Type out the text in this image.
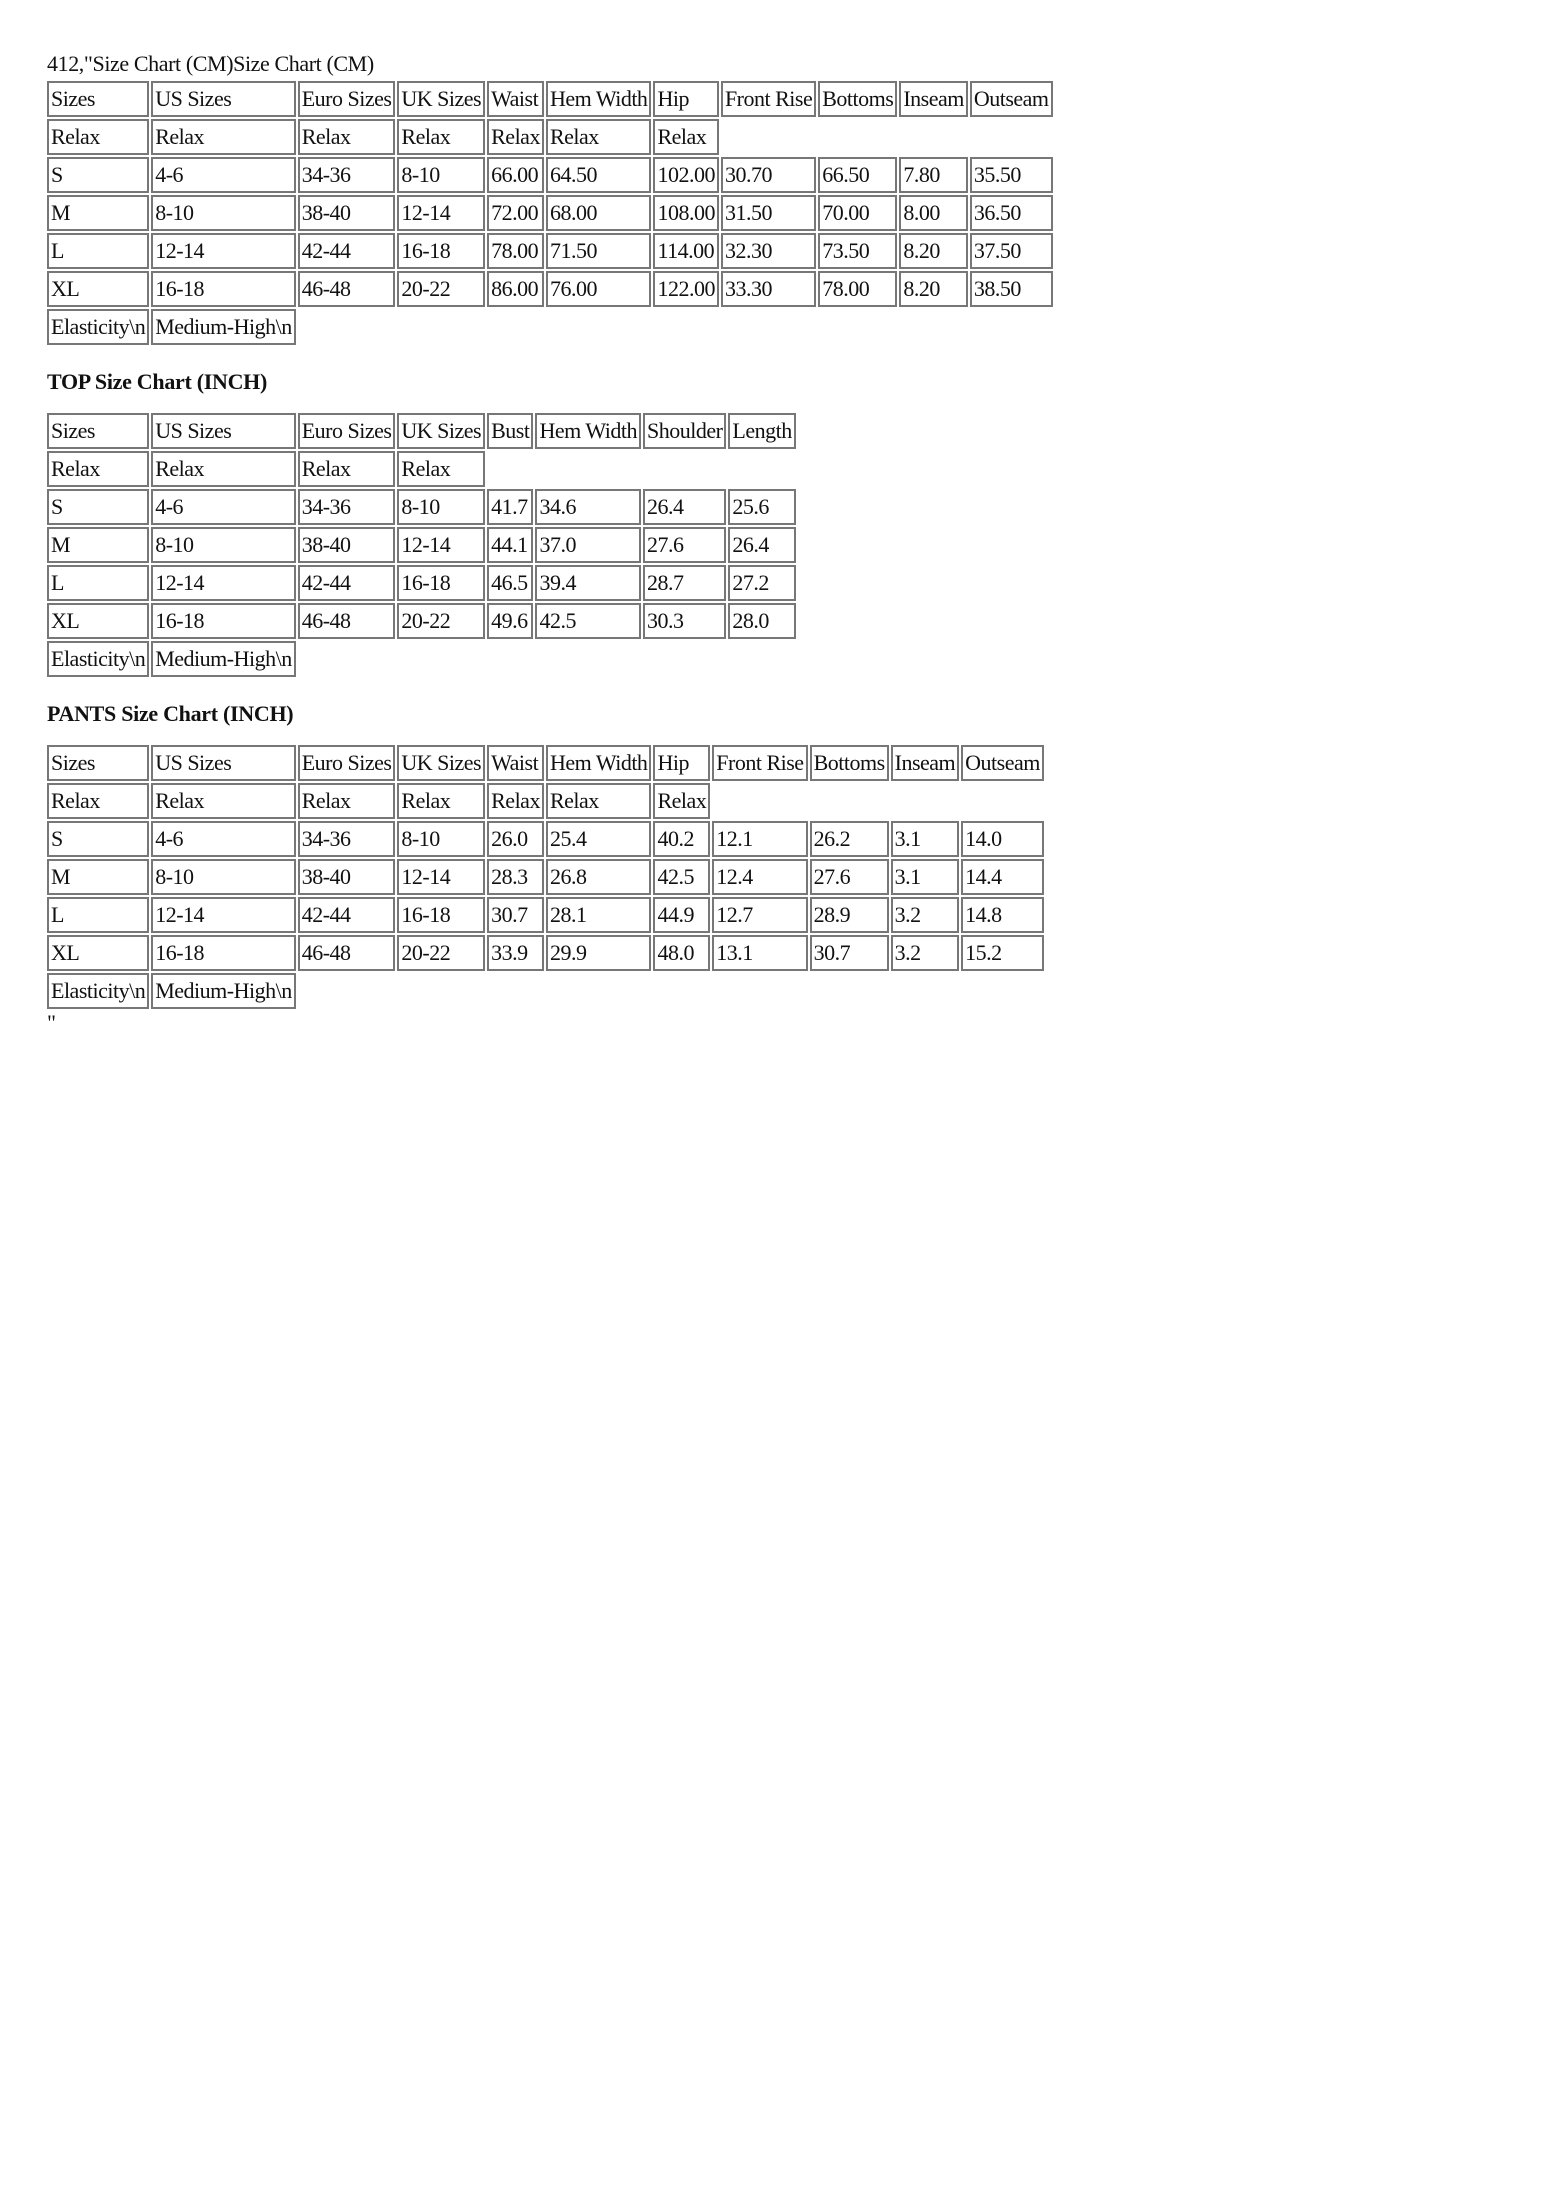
412,"Size Chart (CM)Size Chart (CM)
Sizes	US Sizes	Euro Sizes	UK Sizes	Waist	Hem Width	Hip	Front Rise	Bottoms	Inseam	Outseam
Relax	Relax	Relax	Relax	Relax	Relax	Relax				
S	4-6	34-36	8-10	66.00	64.50	102.00	30.70	66.50	7.80	35.50
M	8-10	38-40	12-14	72.00	68.00	108.00	31.50	70.00	8.00	36.50
L	12-14	42-44	16-18	78.00	71.50	114.00	32.30	73.50	8.20	37.50
XL	16-18	46-48	20-22	86.00	76.00	122.00	33.30	78.00	8.20	38.50
Elasticity\n	Medium-High\n									
TOP Size Chart (INCH)
Sizes	US Sizes	Euro Sizes	UK Sizes	Bust	Hem Width	Shoulder	Length
Relax	Relax	Relax	Relax				
S	4-6	34-36	8-10	41.7	34.6	26.4	25.6
M	8-10	38-40	12-14	44.1	37.0	27.6	26.4
L	12-14	42-44	16-18	46.5	39.4	28.7	27.2
XL	16-18	46-48	20-22	49.6	42.5	30.3	28.0
Elasticity\n	Medium-High\n						
PANTS Size Chart (INCH)
Sizes	US Sizes	Euro Sizes	UK Sizes	Waist	Hem Width	Hip	Front Rise	Bottoms	Inseam	Outseam
Relax	Relax	Relax	Relax	Relax	Relax	Relax				
S	4-6	34-36	8-10	26.0	25.4	40.2	12.1	26.2	3.1	14.0
M	8-10	38-40	12-14	28.3	26.8	42.5	12.4	27.6	3.1	14.4
L	12-14	42-44	16-18	30.7	28.1	44.9	12.7	28.9	3.2	14.8
XL	16-18	46-48	20-22	33.9	29.9	48.0	13.1	30.7	3.2	15.2
Elasticity\n	Medium-High\n									
"
